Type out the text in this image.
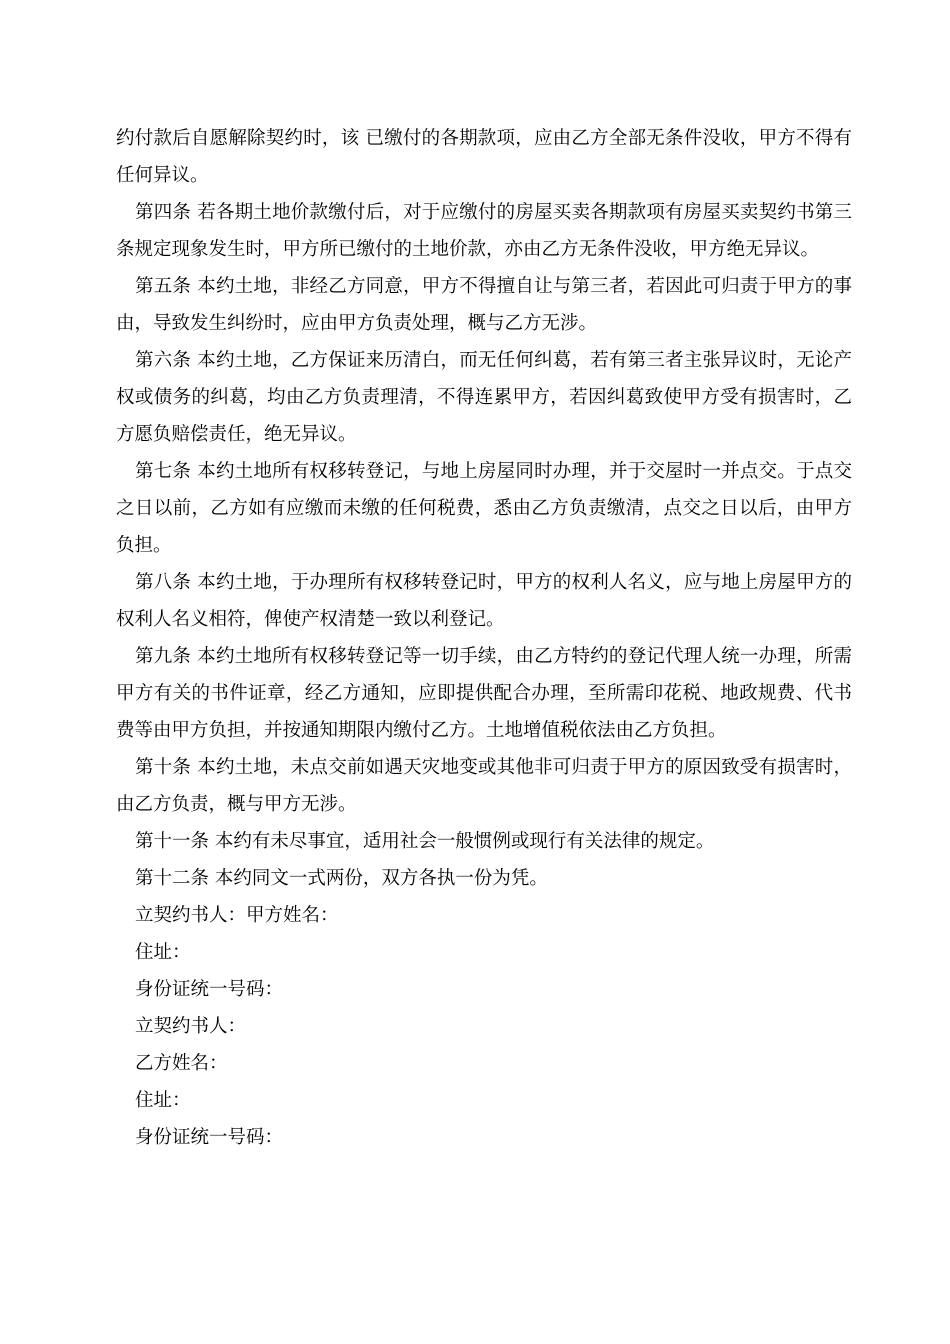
约付款后自愿解除契约时，该 已缴付的各期款项，应由乙方全部无条件没收，甲方不得有任何异议。

第四条 若各期土地价款缴付后，对于应缴付的房屋买卖各期款项有房屋买卖契约书第三条规定现象发生时，甲方所已缴付的土地价款，亦由乙方无条件没收，甲方绝无异议。

第五条 本约土地，非经乙方同意，甲方不得擅自让与第三者，若因此可归责于甲方的事由，导致发生纠纷时，应由甲方负责处理，概与乙方无涉。

第六条 本约土地，乙方保证来历清白，而无任何纠葛，若有第三者主张异议时，无论产权或债务的纠葛，均由乙方负责理清，不得连累甲方，若因纠葛致使甲方受有损害时，乙方愿负赔偿责任，绝无异议。

第七条 本约土地所有权移转登记，与地上房屋同时办理，并于交屋时一并点交。于点交之日以前，乙方如有应缴而未缴的任何税费，悉由乙方负责缴清，点交之日以后，由甲方负担。

第八条 本约土地，于办理所有权移转登记时，甲方的权利人名义，应与地上房屋甲方的权利人名义相符，俾使产权清楚一致以利登记。

第九条 本约土地所有权移转登记等一切手续，由乙方特约的登记代理人统一办理，所需甲方有关的书件证章，经乙方通知，应即提供配合办理，至所需印花税、地政规费、代书费等由甲方负担，并按通知期限内缴付乙方。土地增值税依法由乙方负担。

第十条 本约土地，未点交前如遇天灾地变或其他非可归责于甲方的原因致受有损害时，由乙方负责，概与甲方无涉。

第十一条 本约有未尽事宜，适用社会一般惯例或现行有关法律的规定。

第十二条 本约同文一式两份，双方各执一份为凭。

立契约书人：甲方姓名：

住址：

身份证统一号码：

立契约书人：

乙方姓名：

住址：

身份证统一号码：
